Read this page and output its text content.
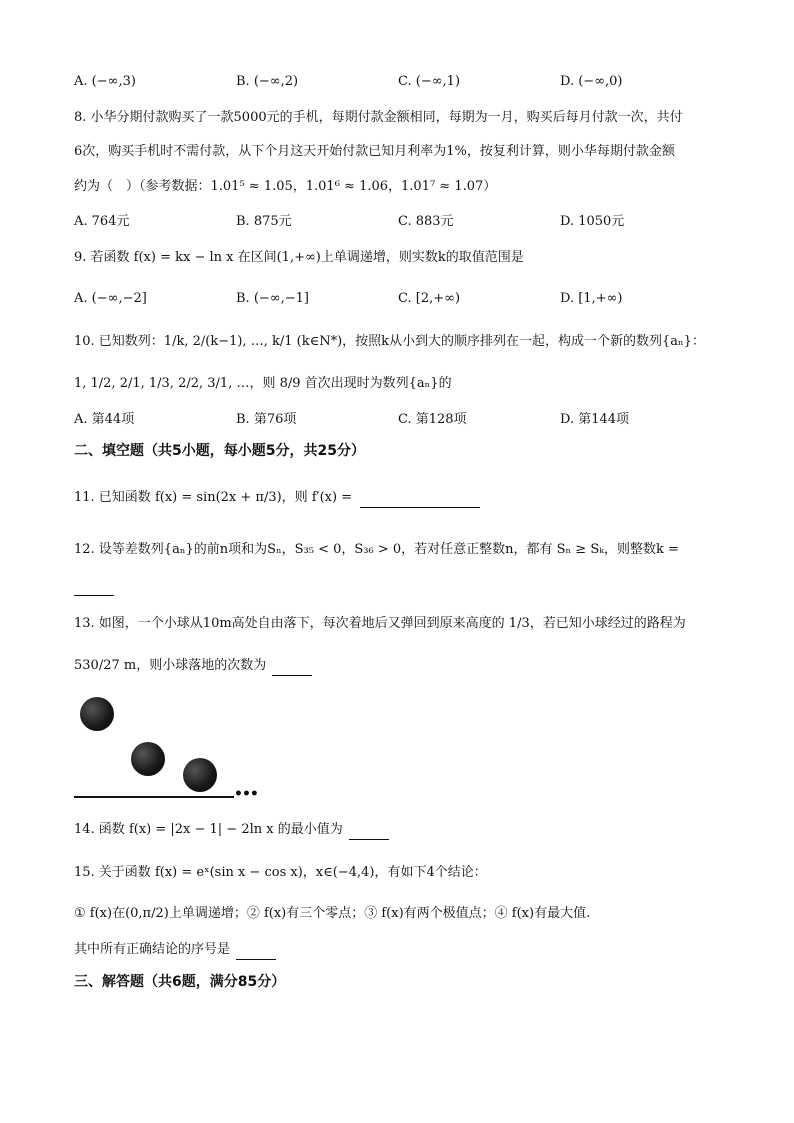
A. (−∞,3)	B. (−∞,2)	C. (−∞,1)	D. (−∞,0)
8. 小华分期付款购买了一款5000元的手机，每期付款金额相同，每期为一月，购买后每月付款一次，共付
6次，购买手机时不需付款，从下个月这天开始付款已知月利率为1%，按复利计算，则小华每期付款金额
约为（　）（参考数据：1.01⁵ ≈ 1.05，1.01⁶ ≈ 1.06，1.01⁷ ≈ 1.07）
A. 764元	B. 875元	C. 883元	D. 1050元
9. 若函数 f(x) = kx − ln x 在区间(1,+∞)上单调递增，则实数k的取值范围是
A. (−∞,−2]	B. (−∞,−1]	C. [2,+∞)	D. [1,+∞)
10. 已知数列：1/k, 2/(k−1), …, k/1 (k∈N*)，按照k从小到大的顺序排列在一起，构成一个新的数列{aₙ}：
1, 1/2, 2/1, 1/3, 2/2, 3/1, …，则 8/9 首次出现时为数列{aₙ}的
A. 第44项	B. 第76项	C. 第128项	D. 第144项
二、填空题（共5小题，每小题5分，共25分）
11. 已知函数 f(x) = sin(2x + π/3)，则 f′(x) =
12. 设等差数列{aₙ}的前n项和为Sₙ，S₃₅ < 0，S₃₆ > 0，若对任意正整数n，都有 Sₙ ≥ Sₖ，则整数k =
13. 如图，一个小球从10m高处自由落下，每次着地后又弹回到原来高度的 1/3，若已知小球经过的路程为
530/27 m，则小球落地的次数为
•••
14. 函数 f(x) = |2x − 1| − 2ln x 的最小值为
15. 关于函数 f(x) = eˣ(sin x − cos x)，x∈(−4,4)，有如下4个结论：
① f(x)在(0,π/2)上单调递增；② f(x)有三个零点；③ f(x)有两个极值点；④ f(x)有最大值.
其中所有正确结论的序号是
三、解答题（共6题，满分85分）
